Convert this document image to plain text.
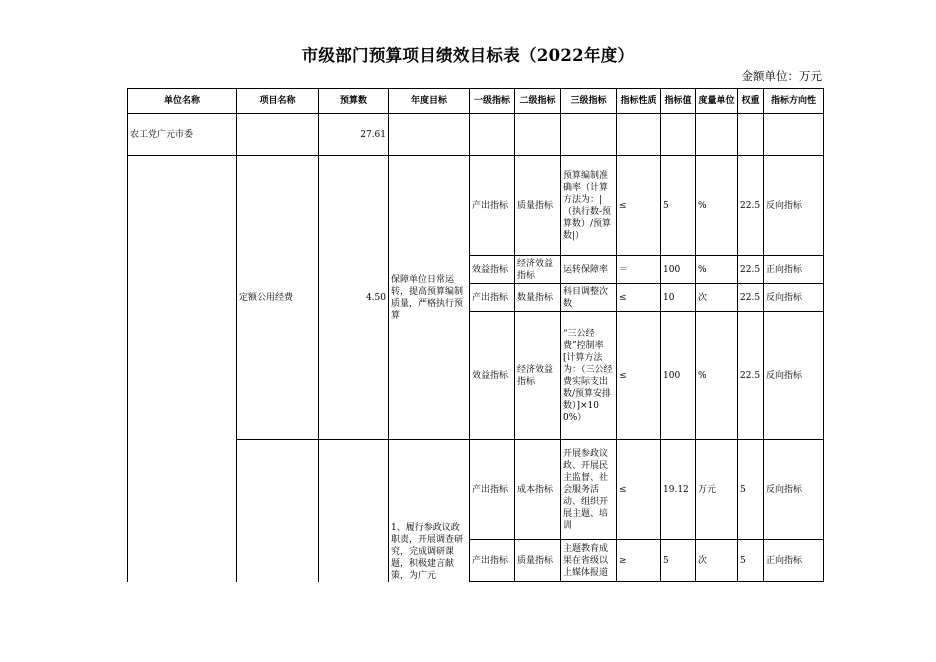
市级部门预算项目绩效目标表（2022年度）
金额单位：万元
单位名称	项目名称	预算数	年度目标	一级指标	二级指标	三级指标	指标性质	指标值	度量单位	权重	指标方向性
农工党广元市委		27.61									
	定额公用经费	4.50	保障单位日常运转，提高预算编制质量，严格执行预算	产出指标	质量指标	预算编制准确率（计算方法为：|（执行数-预算数）/预算数|）	≤	5	%	22.5	反向指标
				效益指标	经济效益指标	运转保障率	＝	100	%	22.5	正向指标
				产出指标	数量指标	科目调整次数	≤	10	次	22.5	反向指标
				效益指标	经济效益指标	“三公经费”控制率[计算方法为：（三公经费实际支出数/预算安排数）]×100%）	≤	100	%	22.5	反向指标
			1、履行参政议政职责，开展调查研究，完成调研课题，积极建言献策，为广元	产出指标	成本指标	开展参政议政、开展民主监督、社会服务活动、组织开展主题、培训	≤	19.12	万元	5	反向指标
				产出指标	质量指标	主题教育成果在省级以上媒体报道	≥	5	次	5	正向指标
